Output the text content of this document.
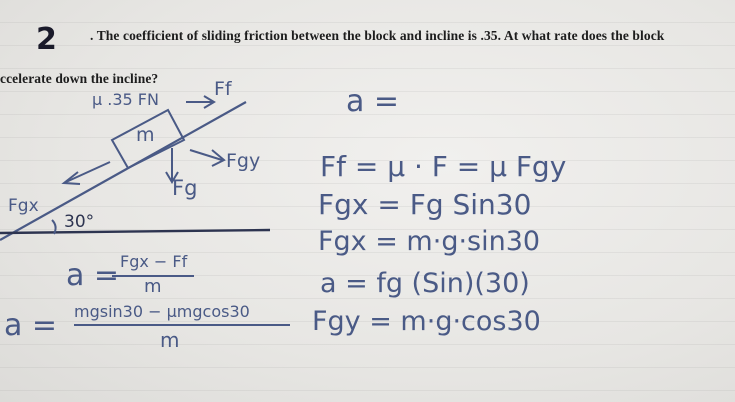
2 . The coefficient of sliding friction between the block and incline is .35. At what rate does the block
ccelerate down the incline?
μ .35 FN	Ff
m
Fgy
Fg
Fgx
30°
a = Fgx − Ff
m
a = mgsin30 − μmgcos30
m
a =
Ff = μ · F = μ Fgy
Fgx = Fg Sin30
Fgx = m·g·sin30
a = fg (Sin)(30)
Fgy = m·g·cos30
